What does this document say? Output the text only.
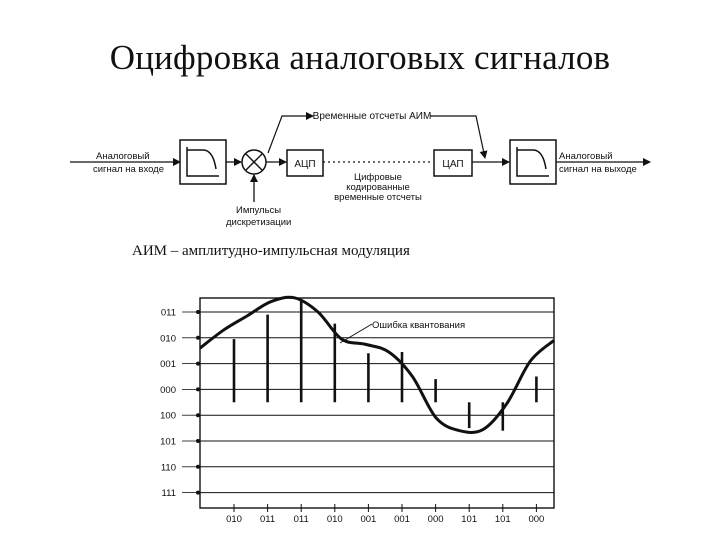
Оцифровка аналоговых сигналов
Аналоговый
сигнал на входе
Импульсы
дискретизации
АЦП
Цифровые
кодированные
временные отсчеты
ЦАП
Временные отсчеты АИМ
Аналоговый
сигнал на выходе
АИМ – амплитудно-импульсная модуляция
Ошибка квантования
011
010
001
000
100
101
110
111
010 011 011 010 001 001 000 101 101 000
